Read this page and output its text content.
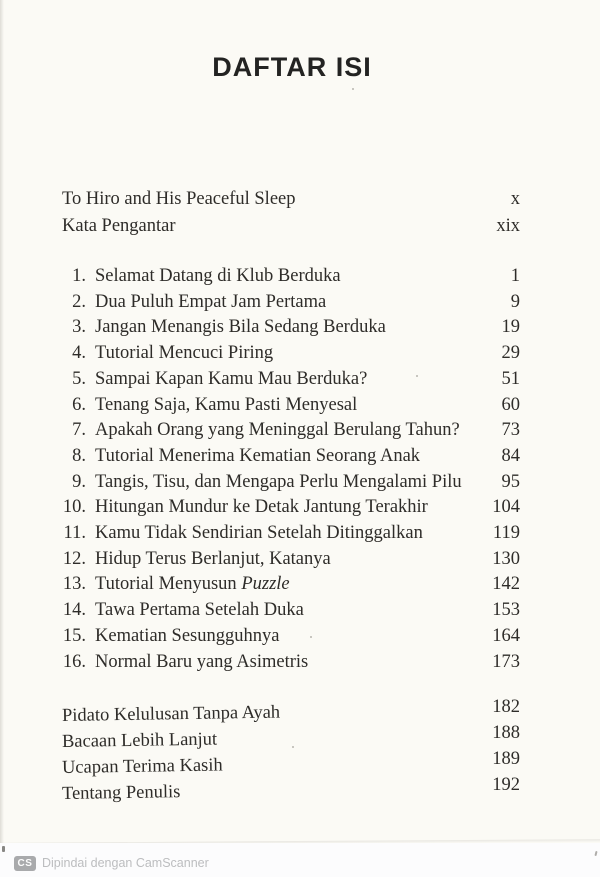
DAFTAR ISI
To Hiro and His Peaceful Sleep	x
Kata Pengantar	xix
1. Selamat Datang di Klub Berduka	1
2. Dua Puluh Empat Jam Pertama	9
3. Jangan Menangis Bila Sedang Berduka	19
4. Tutorial Mencuci Piring	29
5. Sampai Kapan Kamu Mau Berduka?	51
6. Tenang Saja, Kamu Pasti Menyesal	60
7. Apakah Orang yang Meninggal Berulang Tahun?	73
8. Tutorial Menerima Kematian Seorang Anak	84
9. Tangis, Tisu, dan Mengapa Perlu Mengalami Pilu	95
10. Hitungan Mundur ke Detak Jantung Terakhir	104
11. Kamu Tidak Sendirian Setelah Ditinggalkan	119
12. Hidup Terus Berlanjut, Katanya	130
13. Tutorial Menyusun Puzzle	142
14. Tawa Pertama Setelah Duka	153
15. Kematian Sesungguhnya	164
16. Normal Baru yang Asimetris	173
Pidato Kelulusan Tanpa Ayah	182
Bacaan Lebih Lanjut	188
Ucapan Terima Kasih	189
Tentang Penulis	192
CS Dipindai dengan CamScanner
